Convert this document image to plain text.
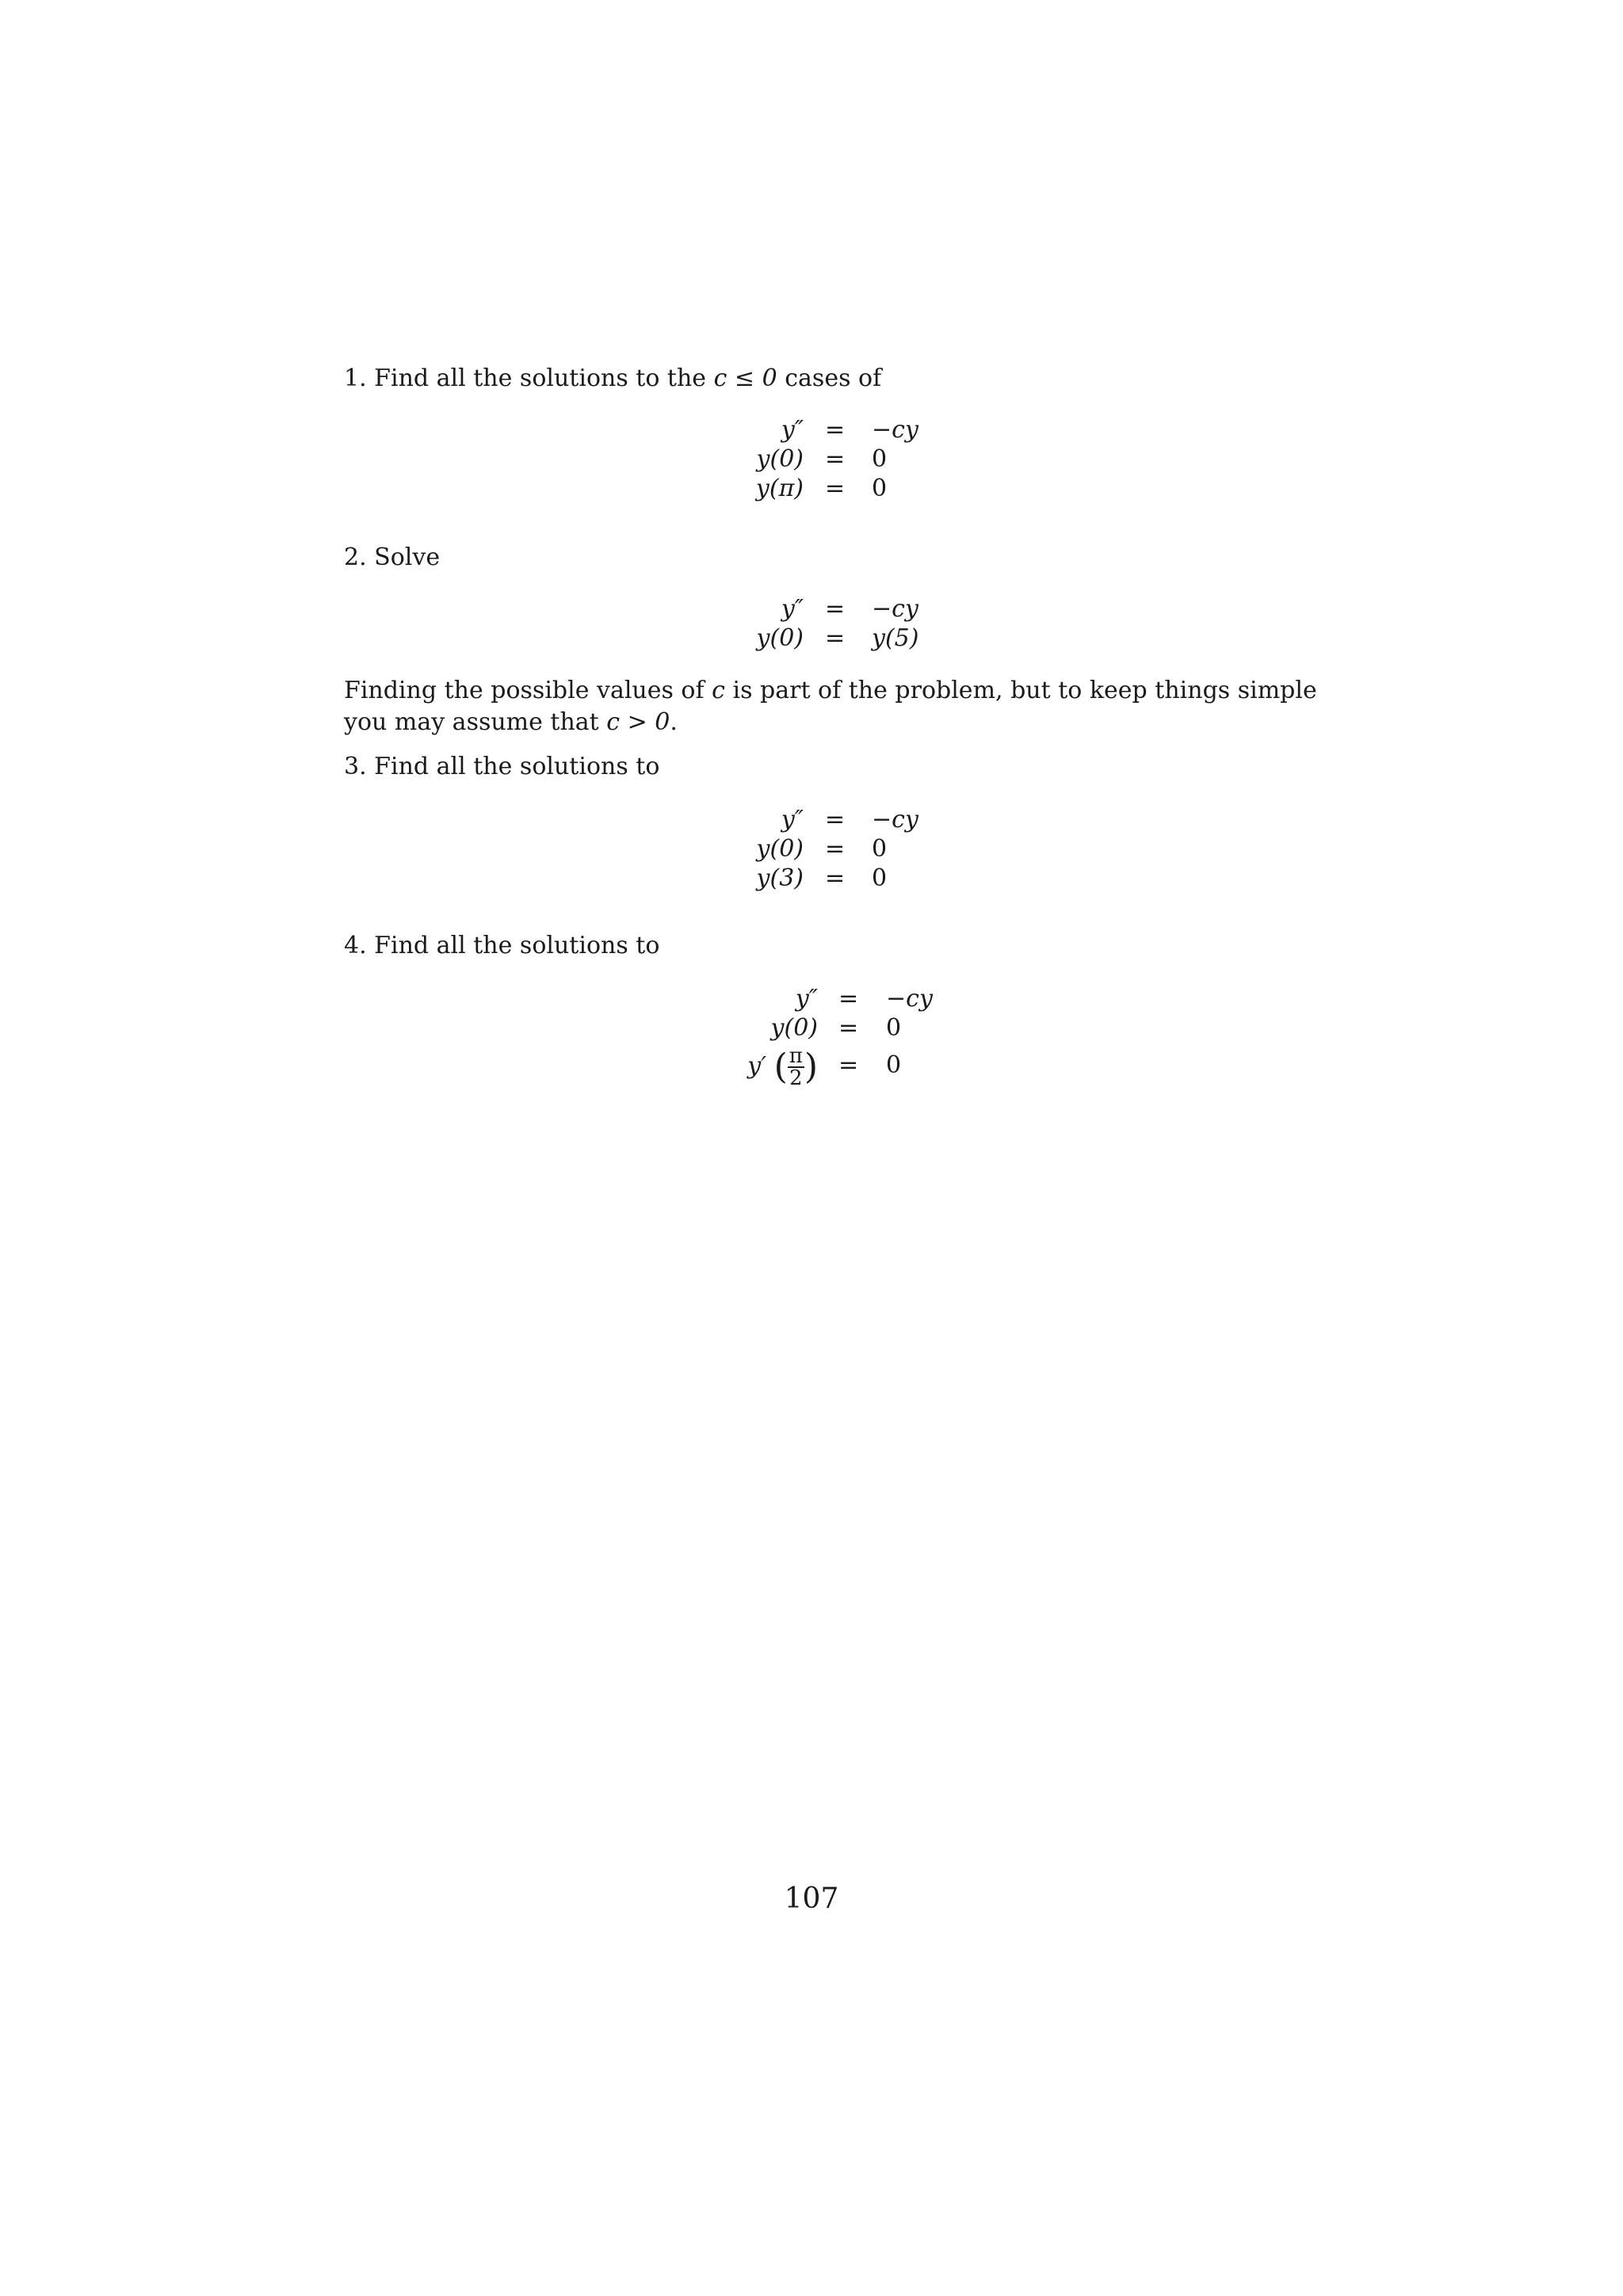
1. Find all the solutions to the c ≤ 0 cases of
y″ = −cy
y(0) = 0
y(π) = 0
2. Solve
y″ = −cy
y(0) = y(5)
Finding the possible values of c is part of the problem, but to keep things simple you may assume that c > 0.
3. Find all the solutions to
y″ = −cy
y(0) = 0
y(3) = 0
4. Find all the solutions to
y″ = −cy
y(0) = 0
y′ ( $\frac{\pi}{2}$ ) = 0
107
